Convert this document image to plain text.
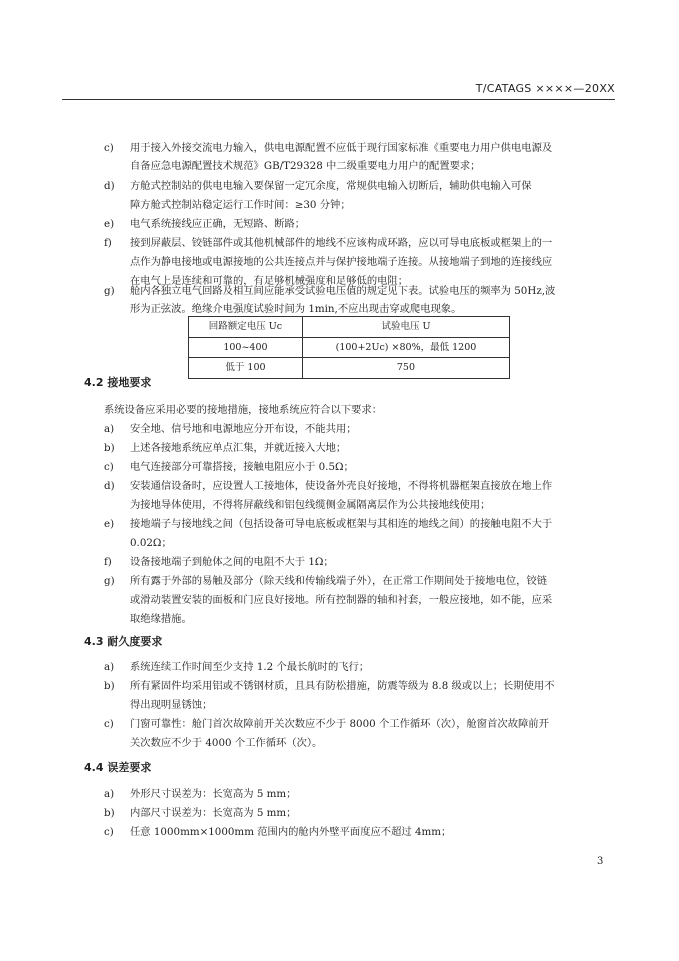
T/CATAGS ××××—20XX
c) 用于接入外接交流电力输入，供电电源配置不应低于现行国家标准《重要电力用户供电电源及
自备应急电源配置技术规范》GB/T29328 中二级重要电力用户的配置要求；
d) 方舱式控制站的供电电输入要保留一定冗余度，常规供电输入切断后，辅助供电输入可保
障方舱式控制站稳定运行工作时间：≥30 分钟；
e) 电气系统接线应正确，无短路、断路；
f) 接到屏蔽层、铰链部件或其他机械部件的地线不应该构成环路，应以可导电底板或框架上的一
点作为静电接地或电源接地的公共连接点并与保护接地端子连接。从接地端子到地的连接线应
在电气上是连续和可靠的，有足够机械强度和足够低的电阻；
g) 舱内各独立电气回路及相互间应能承受试验电压值的规定见下表。试验电压的频率为 50Hz,波
形为正弦波。绝缘介电强度试验时间为 1min,不应出现击穿或爬电现象。
回路额定电压 Uc	试验电压 U
100~400	(100+2Uc) ×80%，最低 1200
低于 100	750
4.2 接地要求
系统设备应采用必要的接地措施，接地系统应符合以下要求：
a) 安全地、信号地和电源地应分开布设，不能共用；
b) 上述各接地系统应单点汇集，并就近接入大地；
c) 电气连接部分可靠搭接，接触电阻应小于 0.5Ω；
d) 安装通信设备时，应设置人工接地体，使设备外壳良好接地，不得将机器框架直接放在地上作
为接地导体使用，不得将屏蔽线和铝包线缆侧金属隔离层作为公共接地线使用；
e) 接地端子与接地线之间（包括设备可导电底板或框架与其相连的地线之间）的接触电阻不大于
0.02Ω；
f) 设备接地端子到舱体之间的电阻不大于 1Ω；
g) 所有露于外部的易触及部分（除天线和传输线端子外），在正常工作期间处于接地电位，铰链
或滑动装置安装的面板和门应良好接地。所有控制器的轴和衬套，一般应接地，如不能，应采
取绝缘措施。
4.3 耐久度要求
a) 系统连续工作时间至少支持 1.2 个最长航时的飞行；
b) 所有紧固件均采用铝或不锈钢材质，且具有防松措施，防震等级为 8.8 级或以上；长期使用不
得出现明显锈蚀；
c) 门窗可靠性：舱门首次故障前开关次数应不少于 8000 个工作循环（次），舱窗首次故障前开
关次数应不少于 4000 个工作循环（次）。
4.4 误差要求
a) 外形尺寸误差为：长宽高为 5 mm；
b) 内部尺寸误差为：长宽高为 5 mm；
c) 任意 1000mm×1000mm 范围内的舱内外壁平面度应不超过 4mm；
3
